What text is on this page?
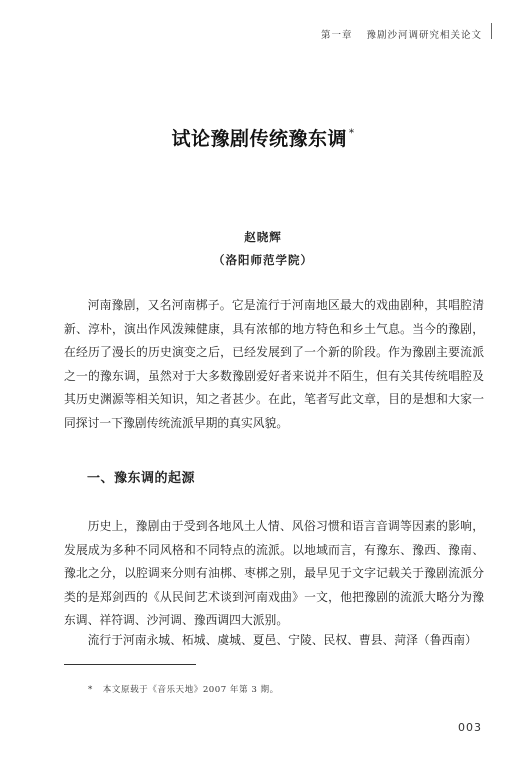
第一章 豫剧沙河调研究相关论文
试论豫剧传统豫东调 *
赵晓辉
（洛阳师范学院）

河南豫剧，又名河南梆子。它是流行于河南地区最大的戏曲剧种，其唱腔清新、淳朴，演出作风泼辣健康，具有浓郁的地方特色和乡土气息。当今的豫剧，在经历了漫长的历史演变之后，已经发展到了一个新的阶段。作为豫剧主要流派之一的豫东调，虽然对于大多数豫剧爱好者来说并不陌生，但有关其传统唱腔及其历史渊源等相关知识，知之者甚少。在此，笔者写此文章，目的是想和大家一同探讨一下豫剧传统流派早期的真实风貌。

一、豫东调的起源

历史上，豫剧由于受到各地风土人情、风俗习惯和语言音调等因素的影响，发展成为多种不同风格和不同特点的流派。以地域而言，有豫东、豫西、豫南、豫北之分，以腔调来分则有油梆、枣梆之别，最早见于文字记载关于豫剧流派分类的是郑剑西的《从民间艺术谈到河南戏曲》一文，他把豫剧的流派大略分为豫东调、祥符调、沙河调、豫西调四大派别。

流行于河南永城、柘城、虞城、夏邑、宁陵、民权、曹县、菏泽（鲁西南）

* 本文原载于《音乐天地》2007 年第 3 期。
003
